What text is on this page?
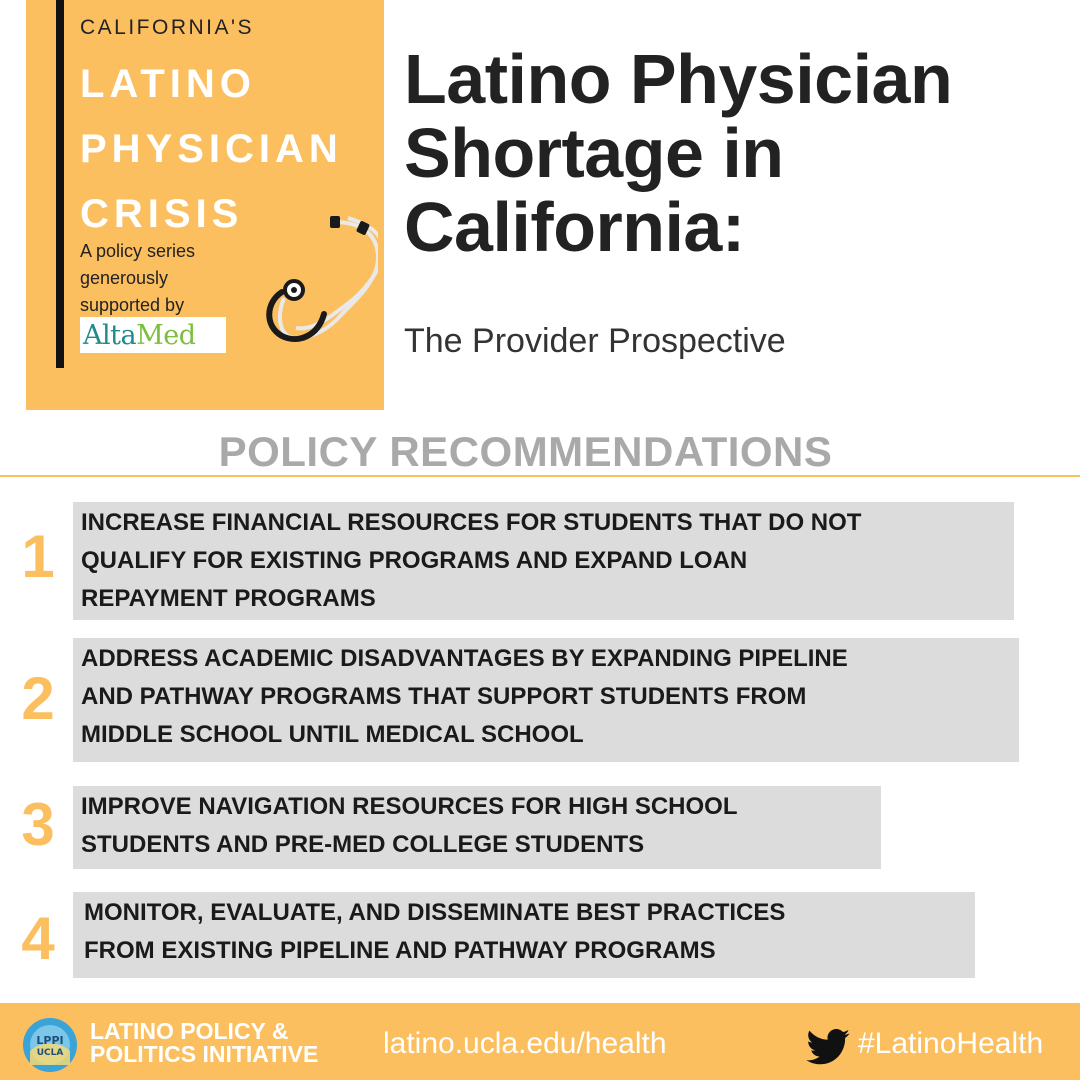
CALIFORNIA'S
LATINO
PHYSICIAN
CRISIS
A policy series
generously
supported by
AltaMed
Latino Physician
Shortage in
California:
The Provider Prospective
POLICY RECOMMENDATIONS
1
INCREASE FINANCIAL RESOURCES FOR STUDENTS THAT DO NOT
QUALIFY FOR EXISTING PROGRAMS AND EXPAND LOAN
REPAYMENT PROGRAMS
2
ADDRESS ACADEMIC DISADVANTAGES BY EXPANDING PIPELINE
AND PATHWAY PROGRAMS THAT SUPPORT STUDENTS FROM
MIDDLE SCHOOL UNTIL MEDICAL SCHOOL
3	IMPROVE NAVIGATION RESOURCES FOR HIGH SCHOOL
STUDENTS AND PRE-MED COLLEGE STUDENTS
4	MONITOR, EVALUATE, AND DISSEMINATE BEST PRACTICES
FROM EXISTING PIPELINE AND PATHWAY PROGRAMS
LPPI
UCLA
LATINO POLICY &
POLITICS INITIATIVE	latino.ucla.edu/health	#LatinoHealth
